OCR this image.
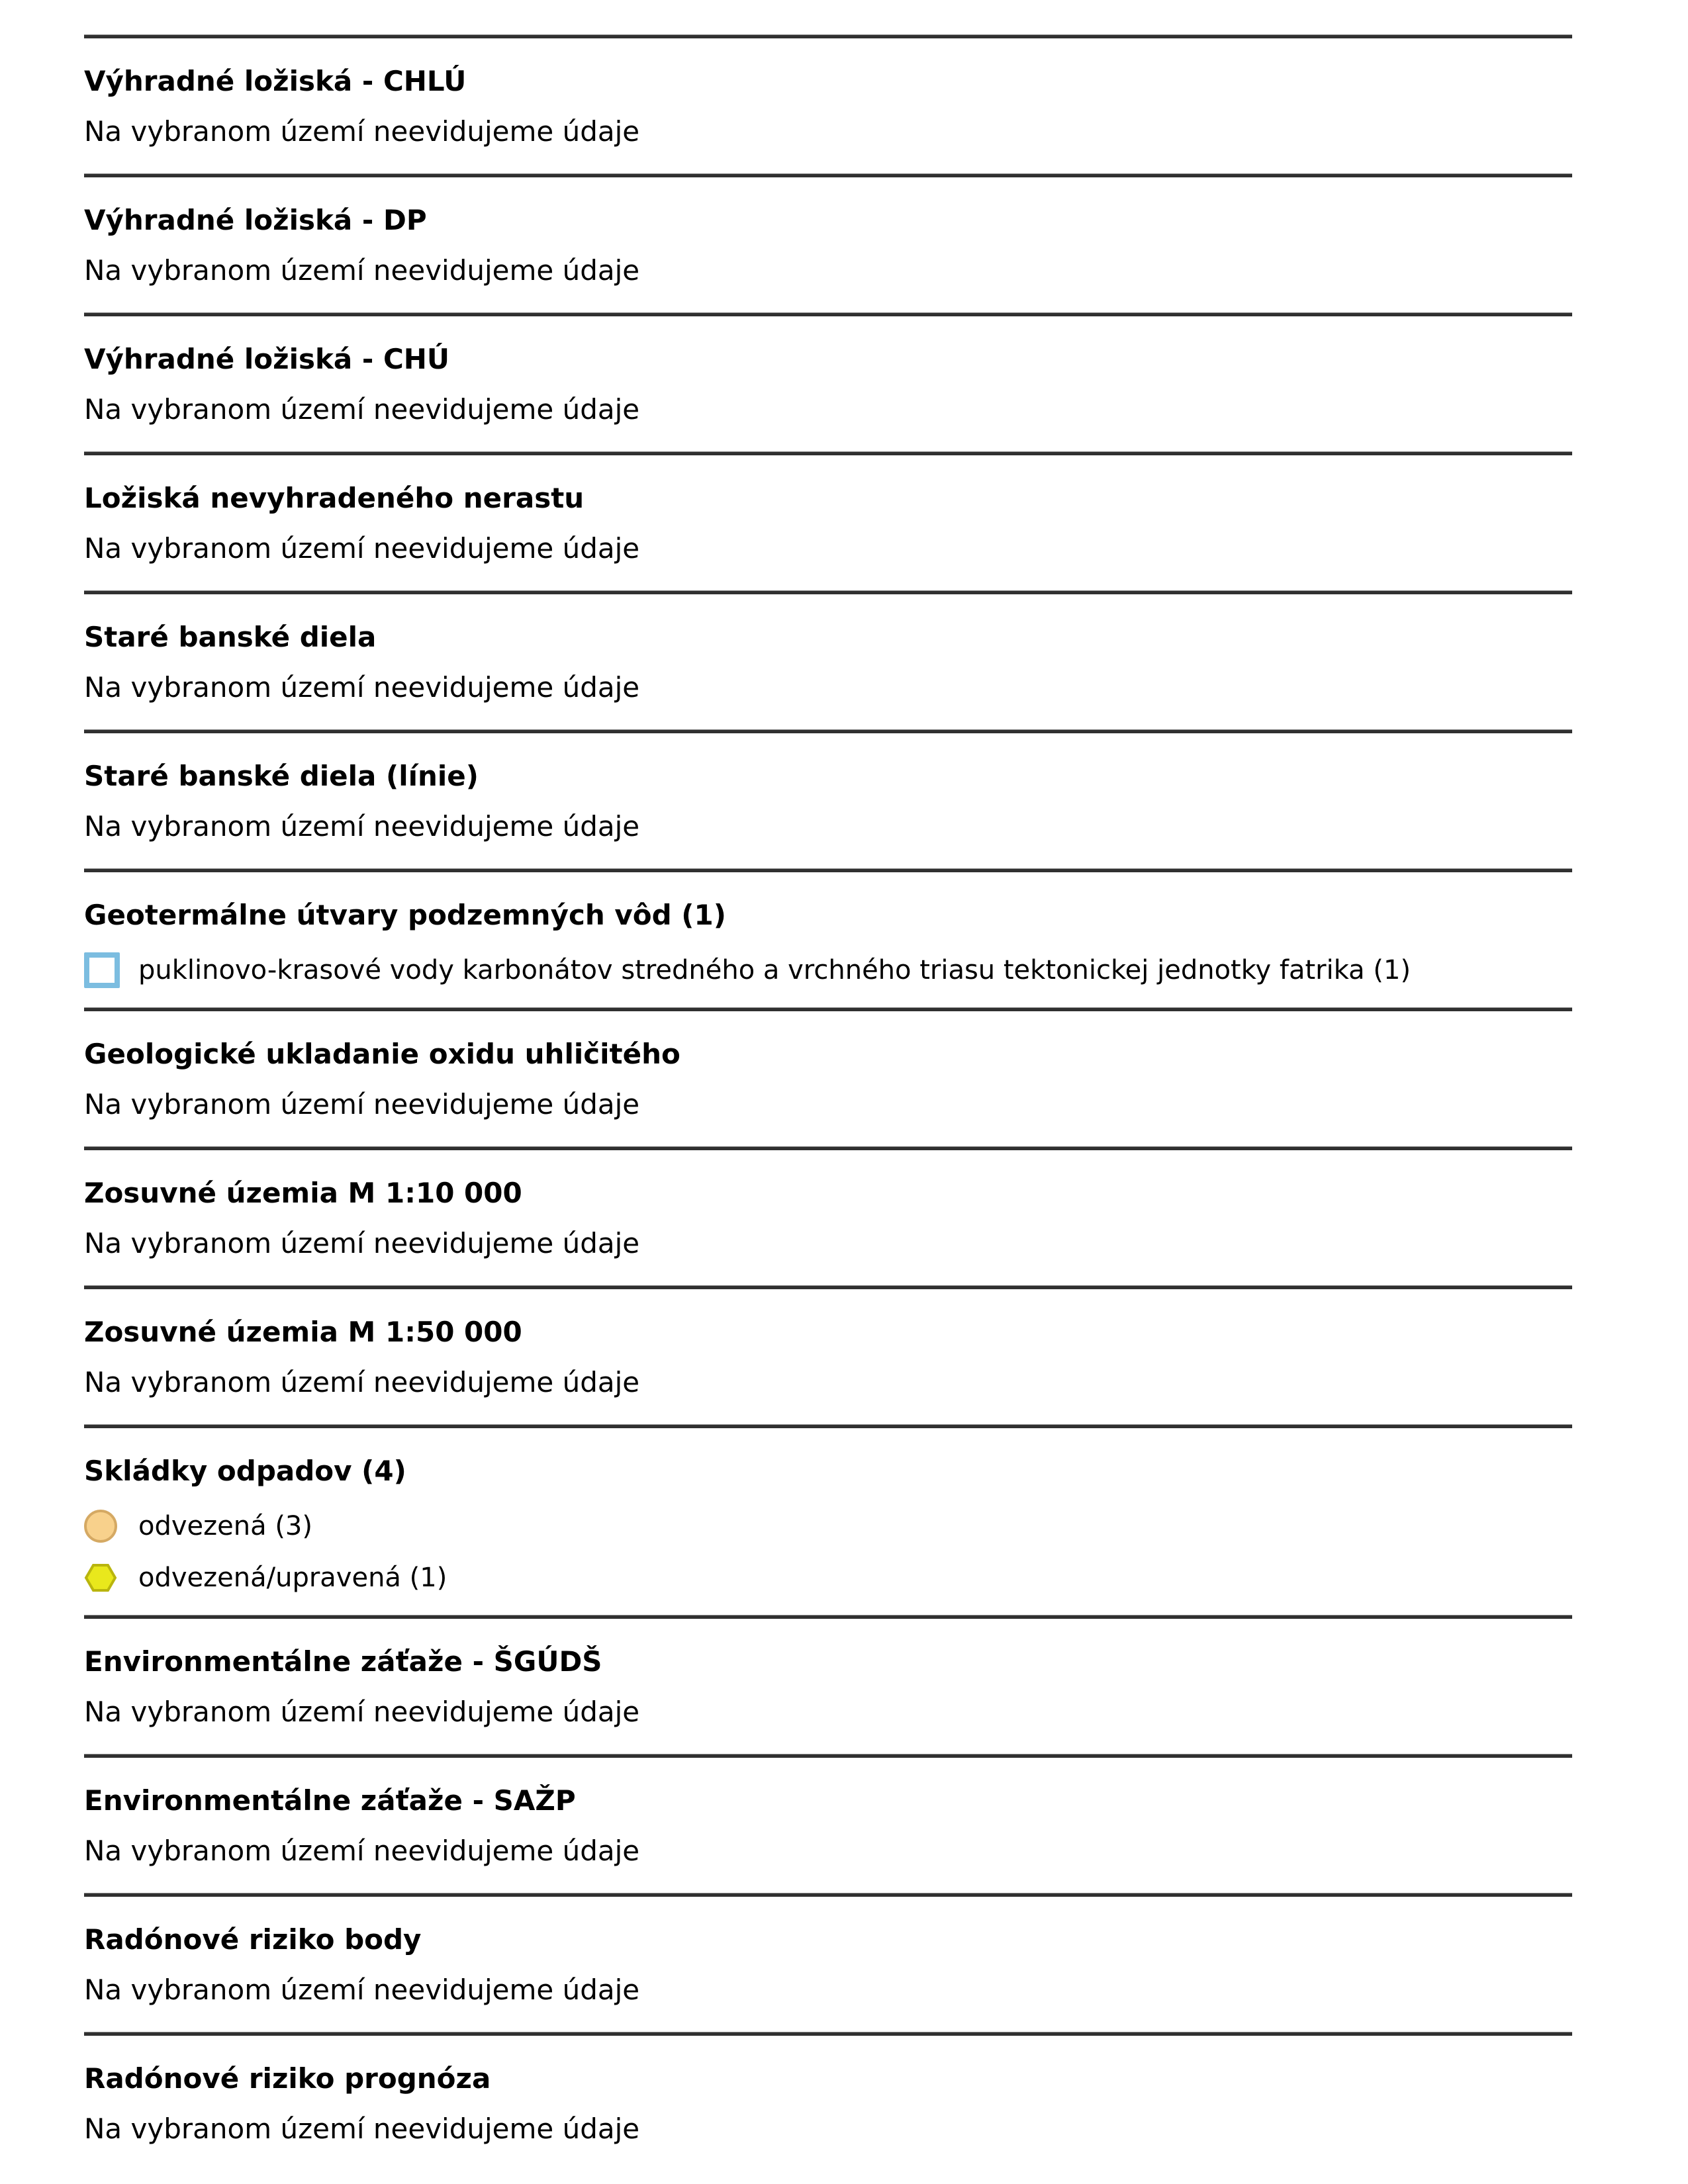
Výhradné ložiská - CHLÚ

Na vybranom území neevidujeme údaje

Výhradné ložiská - DP

Na vybranom území neevidujeme údaje

Výhradné ložiská - CHÚ

Na vybranom území neevidujeme údaje

Ložiská nevyhradeného nerastu

Na vybranom území neevidujeme údaje

Staré banské diela

Na vybranom území neevidujeme údaje

Staré banské diela (línie)

Na vybranom území neevidujeme údaje

Geotermálne útvary podzemných vôd (1)
puklinovo-krasové vody karbonátov stredného a vrchného triasu tektonickej jednotky fatrika (1)
Geologické ukladanie oxidu uhličitého

Na vybranom území neevidujeme údaje

Zosuvné územia M 1:10 000

Na vybranom území neevidujeme údaje

Zosuvné územia M 1:50 000

Na vybranom území neevidujeme údaje

Skládky odpadov (4)
odvezená (3)
odvezená/upravená (1)
Environmentálne záťaže - ŠGÚDŠ

Na vybranom území neevidujeme údaje

Environmentálne záťaže - SAŽP

Na vybranom území neevidujeme údaje

Radónové riziko body

Na vybranom území neevidujeme údaje

Radónové riziko prognóza

Na vybranom území neevidujeme údaje
